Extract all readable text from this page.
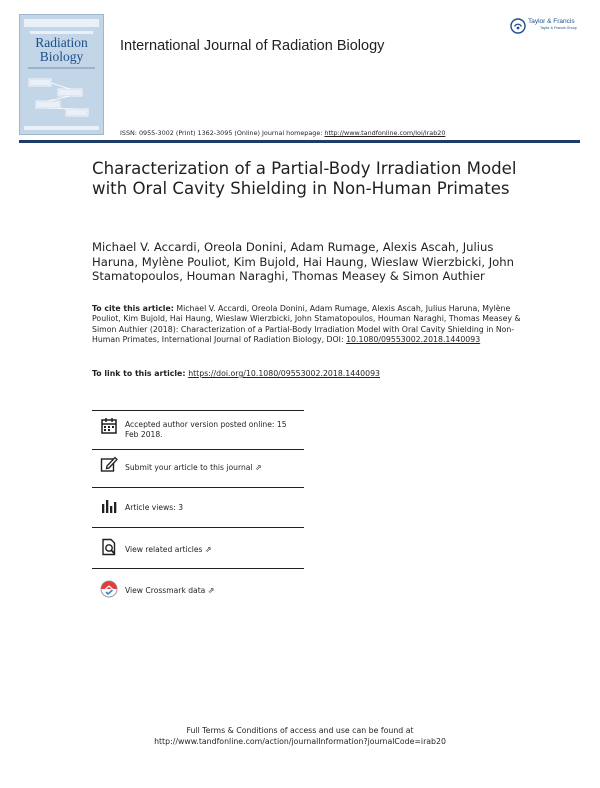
Radiation
Biology
International Journal of Radiation Biology
Taylor & Francis
Taylor & Francis Group
ISSN: 0955-3002 (Print) 1362-3095 (Online) Journal homepage: http://www.tandfonline.com/loi/irab20
Characterization of a Partial-Body Irradiation Model with Oral Cavity Shielding in Non-Human Primates
Michael V. Accardi, Oreola Donini, Adam Rumage, Alexis Ascah, Julius Haruna, Mylène Pouliot, Kim Bujold, Hai Haung, Wieslaw Wierzbicki, John Stamatopoulos, Houman Naraghi, Thomas Measey & Simon Authier
To cite this article: Michael V. Accardi, Oreola Donini, Adam Rumage, Alexis Ascah, Julius Haruna, Mylène Pouliot, Kim Bujold, Hai Haung, Wieslaw Wierzbicki, John Stamatopoulos, Houman Naraghi, Thomas Measey & Simon Authier (2018): Characterization of a Partial-Body Irradiation Model with Oral Cavity Shielding in Non-Human Primates, International Journal of Radiation Biology, DOI: 10.1080/09553002.2018.1440093
To link to this article: https://doi.org/10.1080/09553002.2018.1440093
Accepted author version posted online: 15 Feb 2018.
Submit your article to this journal ⇗
Article views: 3
View related articles ⇗
View Crossmark data ⇗
Full Terms & Conditions of access and use can be found at
http://www.tandfonline.com/action/journalInformation?journalCode=irab20
